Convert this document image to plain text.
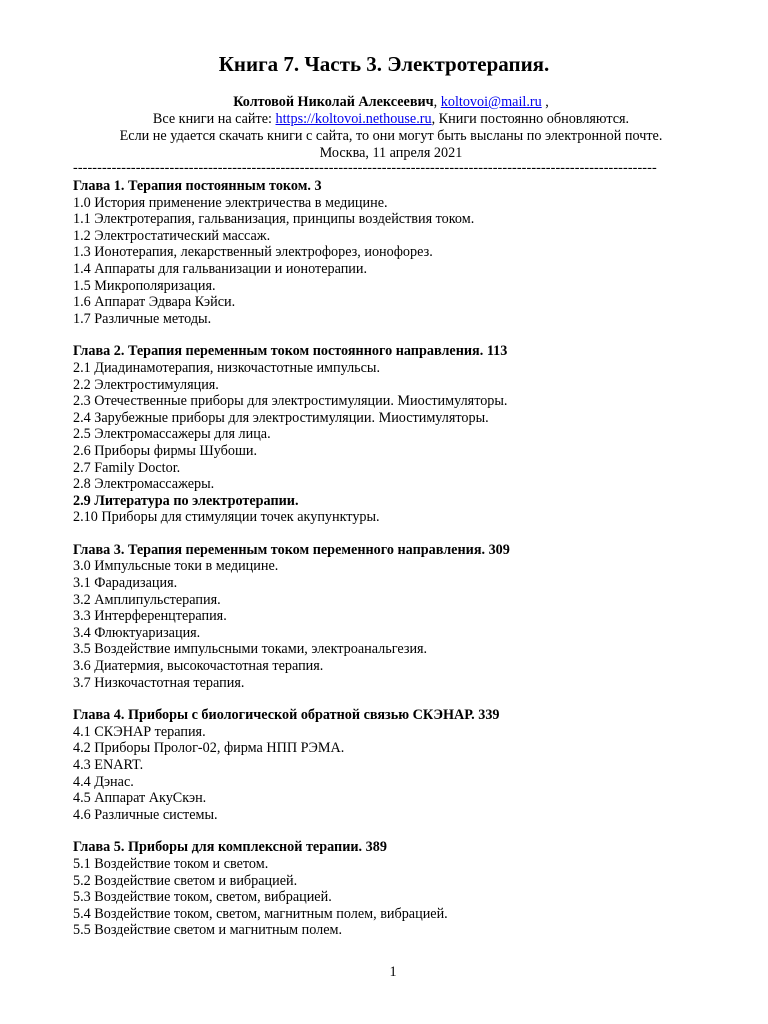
Книга 7. Часть 3. Электротерапия.
Колтовой Николай Алексеевич, koltovoi@mail.ru ,
Все книги на сайте: https://koltovoi.nethouse.ru, Книги постоянно обновляются.
Если не удается скачать книги с сайта, то они могут быть высланы по электронной почте.
Москва, 11 апреля 2021
-------------------------------------------------------------------------------------------------------------------------

Глава 1. Терапия постоянным током. 3

1.0 История применение электричества в медицине.

1.1 Электротерапия, гальванизация, принципы воздействия током.

1.2 Электростатический массаж.

1.3 Ионотерапия, лекарственный электрофорез, ионофорез.

1.4 Аппараты для гальванизации и ионотерапии.

1.5 Микрополяризация.

1.6 Аппарат Эдвара Кэйси.

1.7 Различные методы.

Глава 2. Терапия переменным током постоянного направления. 113

2.1 Диадинамотерапия, низкочастотные импульсы.

2.2 Электростимуляция.

2.3 Отечественные приборы для электростимуляции. Миостимуляторы.

2.4 Зарубежные приборы для электростимуляции. Миостимуляторы.

2.5 Электромассажеры для лица.

2.6 Приборы фирмы Шубоши.

2.7 Family Doctor.

2.8 Электромассажеры.

2.9 Литература по электротерапии.

2.10 Приборы для стимуляции точек акупунктуры.

Глава 3. Терапия переменным током переменного направления. 309

3.0 Импульсные токи в медицине.

3.1 Фарадизация.

3.2 Амплипульстерапия.

3.3 Интерференцтерапия.

3.4 Флюктуаризация.

3.5 Воздействие импульсными токами, электроанальгезия.

3.6 Диатермия, высокочастотная терапия.

3.7 Низкочастотная терапия.

Глава 4. Приборы с биологической обратной связью СКЭНАР. 339

4.1 СКЭНАР терапия.

4.2 Приборы Пролог-02, фирма НПП РЭМА.

4.3 ENART.

4.4 Дэнас.

4.5 Аппарат АкуСкэн.

4.6 Различные системы.

Глава 5. Приборы для комплексной терапии. 389

5.1 Воздействие током и светом.

5.2 Воздействие светом и вибрацией.

5.3 Воздействие током, светом, вибрацией.

5.4 Воздействие током, светом, магнитным полем, вибрацией.

5.5 Воздействие светом и магнитным полем.

1
